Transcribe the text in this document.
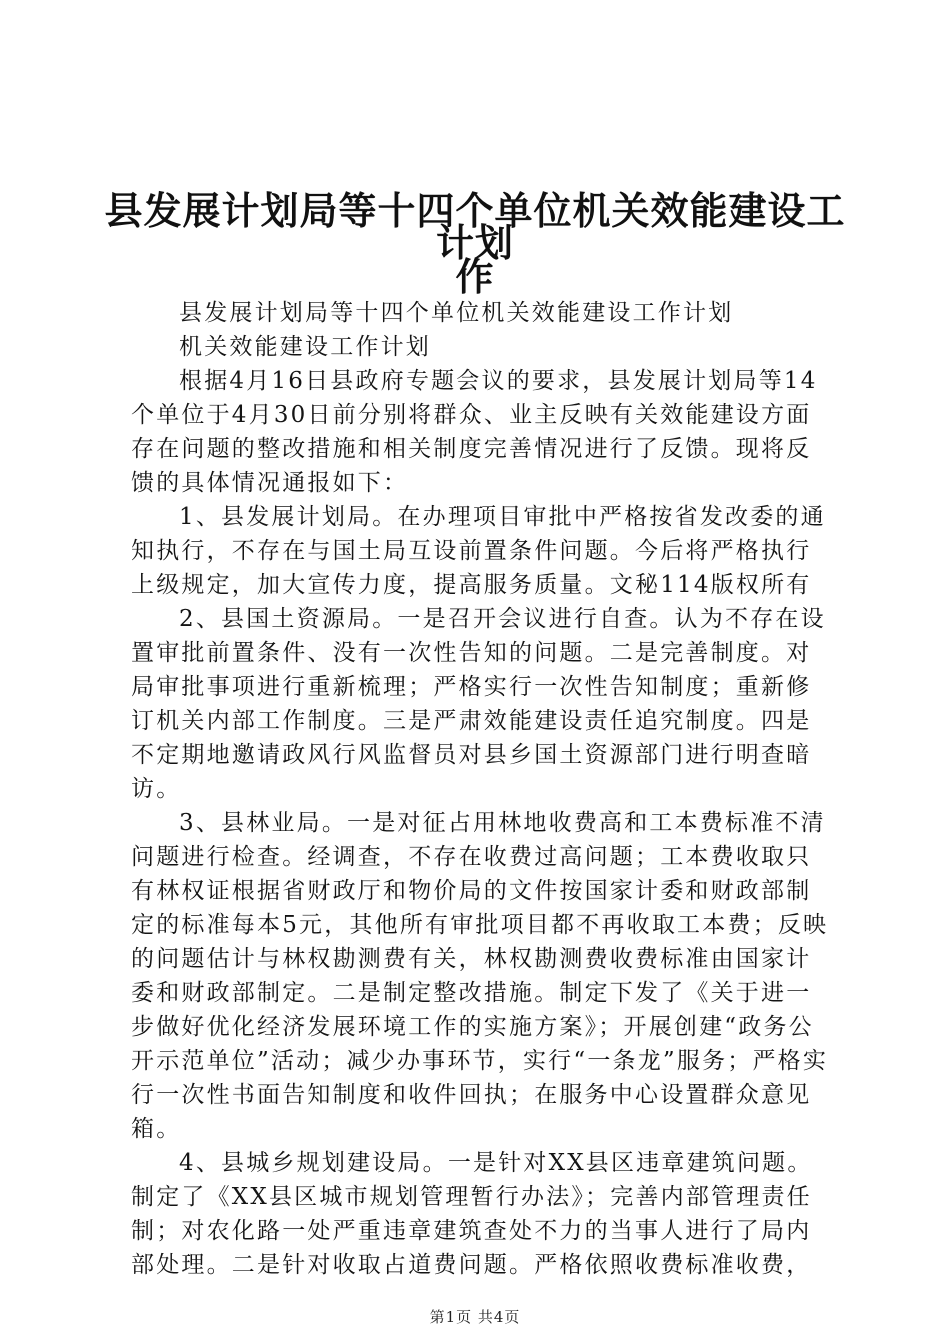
县发展计划局等十四个单位机关效能建设工作
计划

县发展计划局等十四个单位机关效能建设工作计划

机关效能建设工作计划

根据4月16日县政府专题会议的要求，县发展计划局等14个单位于4月30日前分别将群众、业主反映有关效能建设方面存在问题的整改措施和相关制度完善情况进行了反馈。现将反馈的具体情况通报如下：

1、县发展计划局。在办理项目审批中严格按省发改委的通知执行，不存在与国土局互设前置条件问题。今后将严格执行上级规定，加大宣传力度，提高服务质量。文秘114版权所有

2、县国土资源局。一是召开会议进行自查。认为不存在设置审批前置条件、没有一次性告知的问题。二是完善制度。对局审批事项进行重新梳理；严格实行一次性告知制度；重新修订机关内部工作制度。三是严肃效能建设责任追究制度。四是不定期地邀请政风行风监督员对县乡国土资源部门进行明查暗访。

3、县林业局。一是对征占用林地收费高和工本费标准不清问题进行检查。经调查，不存在收费过高问题；工本费收取只有林权证根据省财政厅和物价局的文件按国家计委和财政部制定的标准每本5元，其他所有审批项目都不再收取工本费；反映的问题估计与林权勘测费有关，林权勘测费收费标准由国家计委和财政部制定。二是制定整改措施。制定下发了《关于进一步做好优化经济发展环境工作的实施方案》；开展创建“政务公开示范单位”活动；减少办事环节，实行“一条龙”服务；严格实行一次性书面告知制度和收件回执；在服务中心设置群众意见箱。

4、县城乡规划建设局。一是针对XX县区违章建筑问题。制定了《XX县区城市规划管理暂行办法》；完善内部管理责任制；对农化路一处严重违章建筑查处不力的当事人进行了局内部处理。二是针对收取占道费问题。严格依照收费标准收费，

第1页 共4页
